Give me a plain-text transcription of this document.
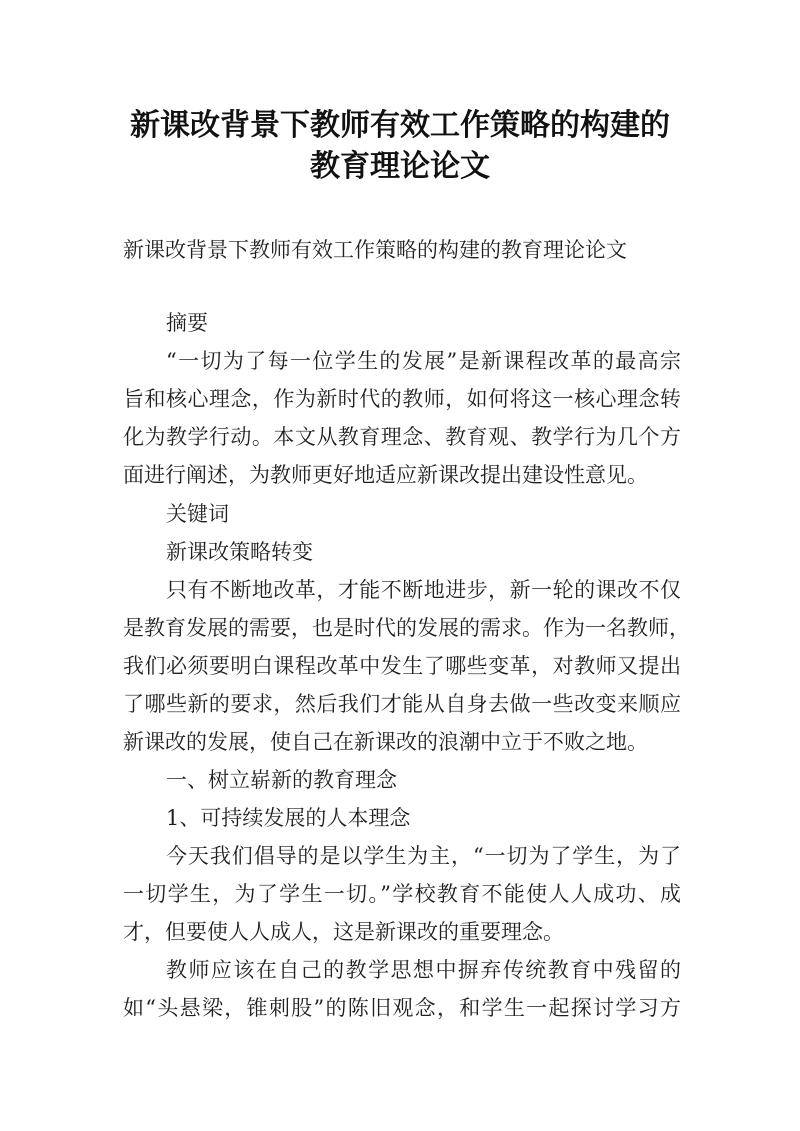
新课改背景下教师有效工作策略的构建的
教育理论论文
新课改背景下教师有效工作策略的构建的教育理论论文
摘要
“一切为了每一位学生的发展”是新课程改革的最高宗
旨和核心理念，作为新时代的教师，如何将这一核心理念转
化为教学行动。本文从教育理念、教育观、教学行为几个方
面进行阐述，为教师更好地适应新课改提出建设性意见。
关键词
新课改策略转变
只有不断地改革，才能不断地进步，新一轮的课改不仅
是教育发展的需要，也是时代的发展的需求。作为一名教师，
我们必须要明白课程改革中发生了哪些变革，对教师又提出
了哪些新的要求，然后我们才能从自身去做一些改变来顺应
新课改的发展，使自己在新课改的浪潮中立于不败之地。
一、树立崭新的教育理念
1、可持续发展的人本理念
今天我们倡导的是以学生为主，“一切为了学生，为了
一切学生，为了学生一切。”学校教育不能使人人成功、成
才，但要使人人成人，这是新课改的重要理念。
教师应该在自己的教学思想中摒弃传统教育中残留的
如“头悬梁，锥刺股”的陈旧观念，和学生一起探讨学习方
